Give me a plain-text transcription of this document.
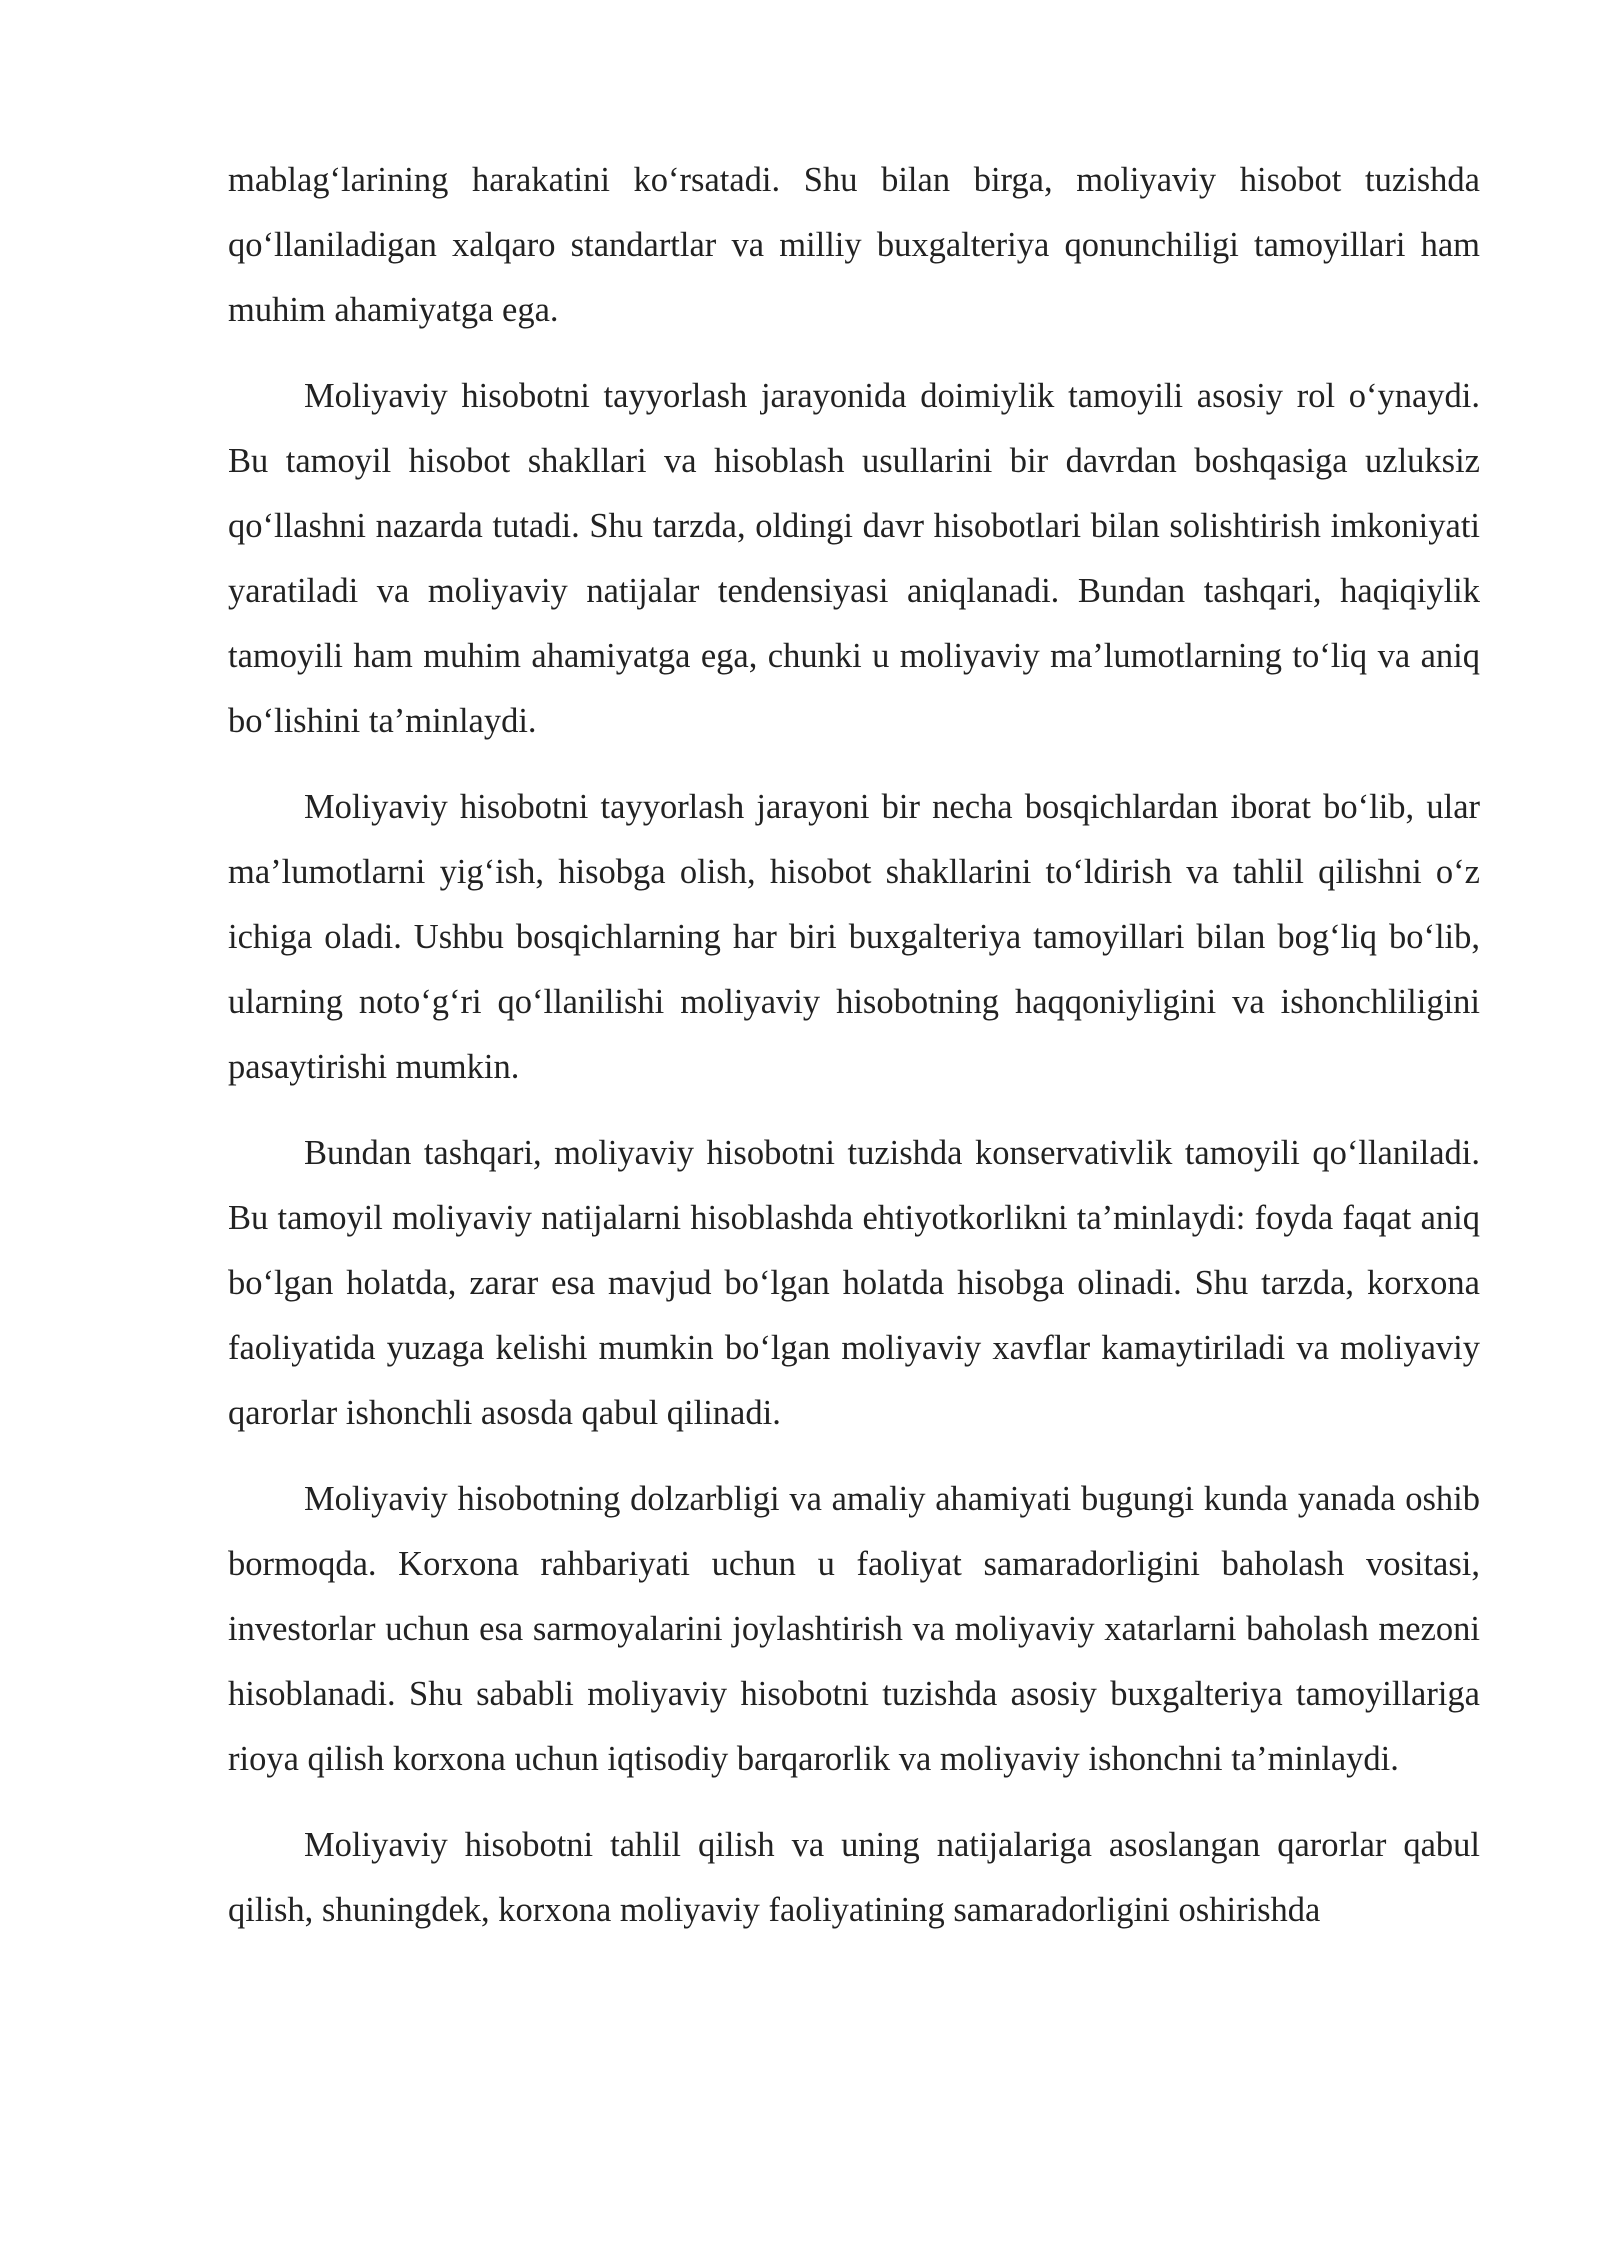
mablag‘larining harakatini ko‘rsatadi. Shu bilan birga, moliyaviy hisobot tuzishda qo‘llaniladigan xalqaro standartlar va milliy buxgalteriya qonunchiligi tamoyillari ham muhim ahamiyatga ega.

Moliyaviy hisobotni tayyorlash jarayonida doimiylik tamoyili asosiy rol o‘ynaydi. Bu tamoyil hisobot shakllari va hisoblash usullarini bir davrdan boshqasiga uzluksiz qo‘llashni nazarda tutadi. Shu tarzda, oldingi davr hisobotlari bilan solishtirish imkoniyati yaratiladi va moliyaviy natijalar tendensiyasi aniqlanadi. Bundan tashqari, haqiqiylik tamoyili ham muhim ahamiyatga ega, chunki u moliyaviy ma’lumotlarning to‘liq va aniq bo‘lishini ta’minlaydi.

Moliyaviy hisobotni tayyorlash jarayoni bir necha bosqichlardan iborat bo‘lib, ular ma’lumotlarni yig‘ish, hisobga olish, hisobot shakllarini to‘ldirish va tahlil qilishni o‘z ichiga oladi. Ushbu bosqichlarning har biri buxgalteriya tamoyillari bilan bog‘liq bo‘lib, ularning noto‘g‘ri qo‘llanilishi moliyaviy hisobotning haqqoniyligini va ishonchliligini pasaytirishi mumkin.

Bundan tashqari, moliyaviy hisobotni tuzishda konservativlik tamoyili qo‘llaniladi. Bu tamoyil moliyaviy natijalarni hisoblashda ehtiyotkorlikni ta’minlaydi: foyda faqat aniq bo‘lgan holatda, zarar esa mavjud bo‘lgan holatda hisobga olinadi. Shu tarzda, korxona faoliyatida yuzaga kelishi mumkin bo‘lgan moliyaviy xavflar kamaytiriladi va moliyaviy qarorlar ishonchli asosda qabul qilinadi.

Moliyaviy hisobotning dolzarbligi va amaliy ahamiyati bugungi kunda yanada oshib bormoqda. Korxona rahbariyati uchun u faoliyat samaradorligini baholash vositasi, investorlar uchun esa sarmoyalarini joylashtirish va moliyaviy xatarlarni baholash mezoni hisoblanadi. Shu sababli moliyaviy hisobotni tuzishda asosiy buxgalteriya tamoyillariga rioya qilish korxona uchun iqtisodiy barqarorlik va moliyaviy ishonchni ta’minlaydi.

Moliyaviy hisobotni tahlil qilish va uning natijalariga asoslangan qarorlar qabul qilish, shuningdek, korxona moliyaviy faoliyatining samaradorligini oshirishda
